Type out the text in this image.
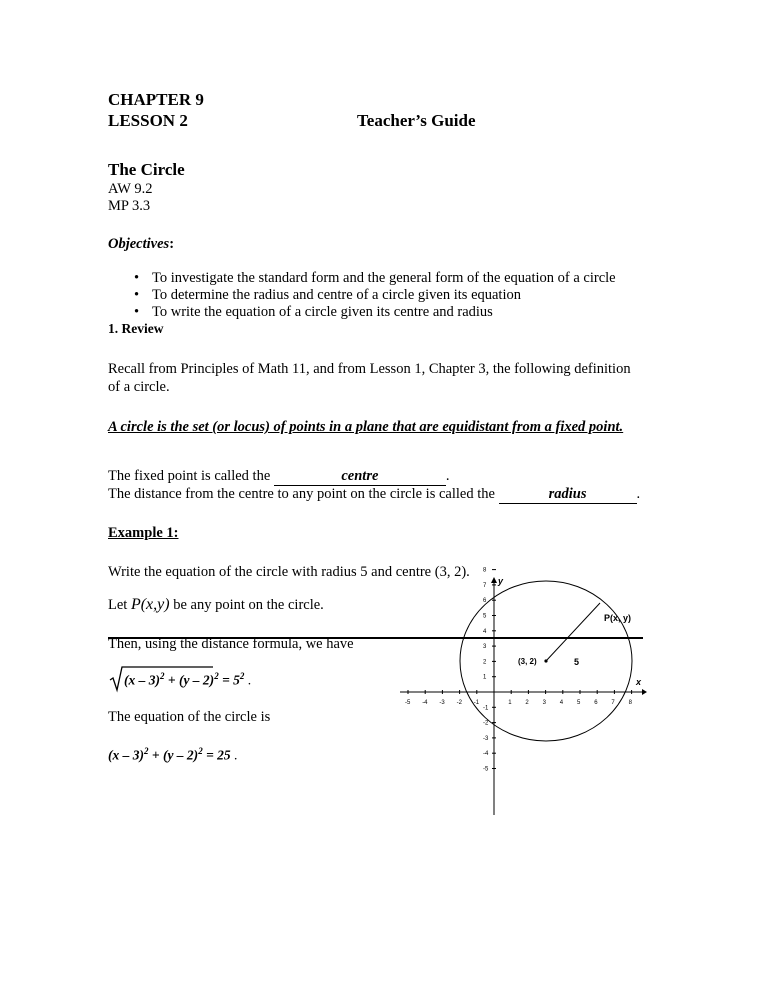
CHAPTER 9
LESSON 2	Teacher’s Guide
The Circle
AW 9.2
MP 3.3
Objectives:
• To investigate the standard form and the general form of the equation of a circle
• To determine the radius and centre of a circle given its equation
• To write the equation of a circle given its centre and radius
1. Review
Recall from Principles of Math 11, and from Lesson 1, Chapter 3, the following definition
of a circle.
A circle is the set (or locus) of points in a plane that are equidistant from a fixed point.
The fixed point is called the	centre	.
The distance from the centre to any point on the circle is called the	radius	.
Example 1:
Write the equation of the circle with radius 5 and centre (3, 2).
Let P(x,y) be any point on the circle.
Then, using the distance formula, we have
$(x - 3)^2 + (y - 2)^2 = 5^2$ .
The equation of the circle is
(x – 3)$^2$ + (y – 2)$^2$ = 25 .
-5 -4 -3 -2 -1	1 2 3 4 5 6 7 8
8
7
6
5
4
3
2
1
-1
-2
-3
-4
-5
(3, 2)
P(x, y)
5
x
y
